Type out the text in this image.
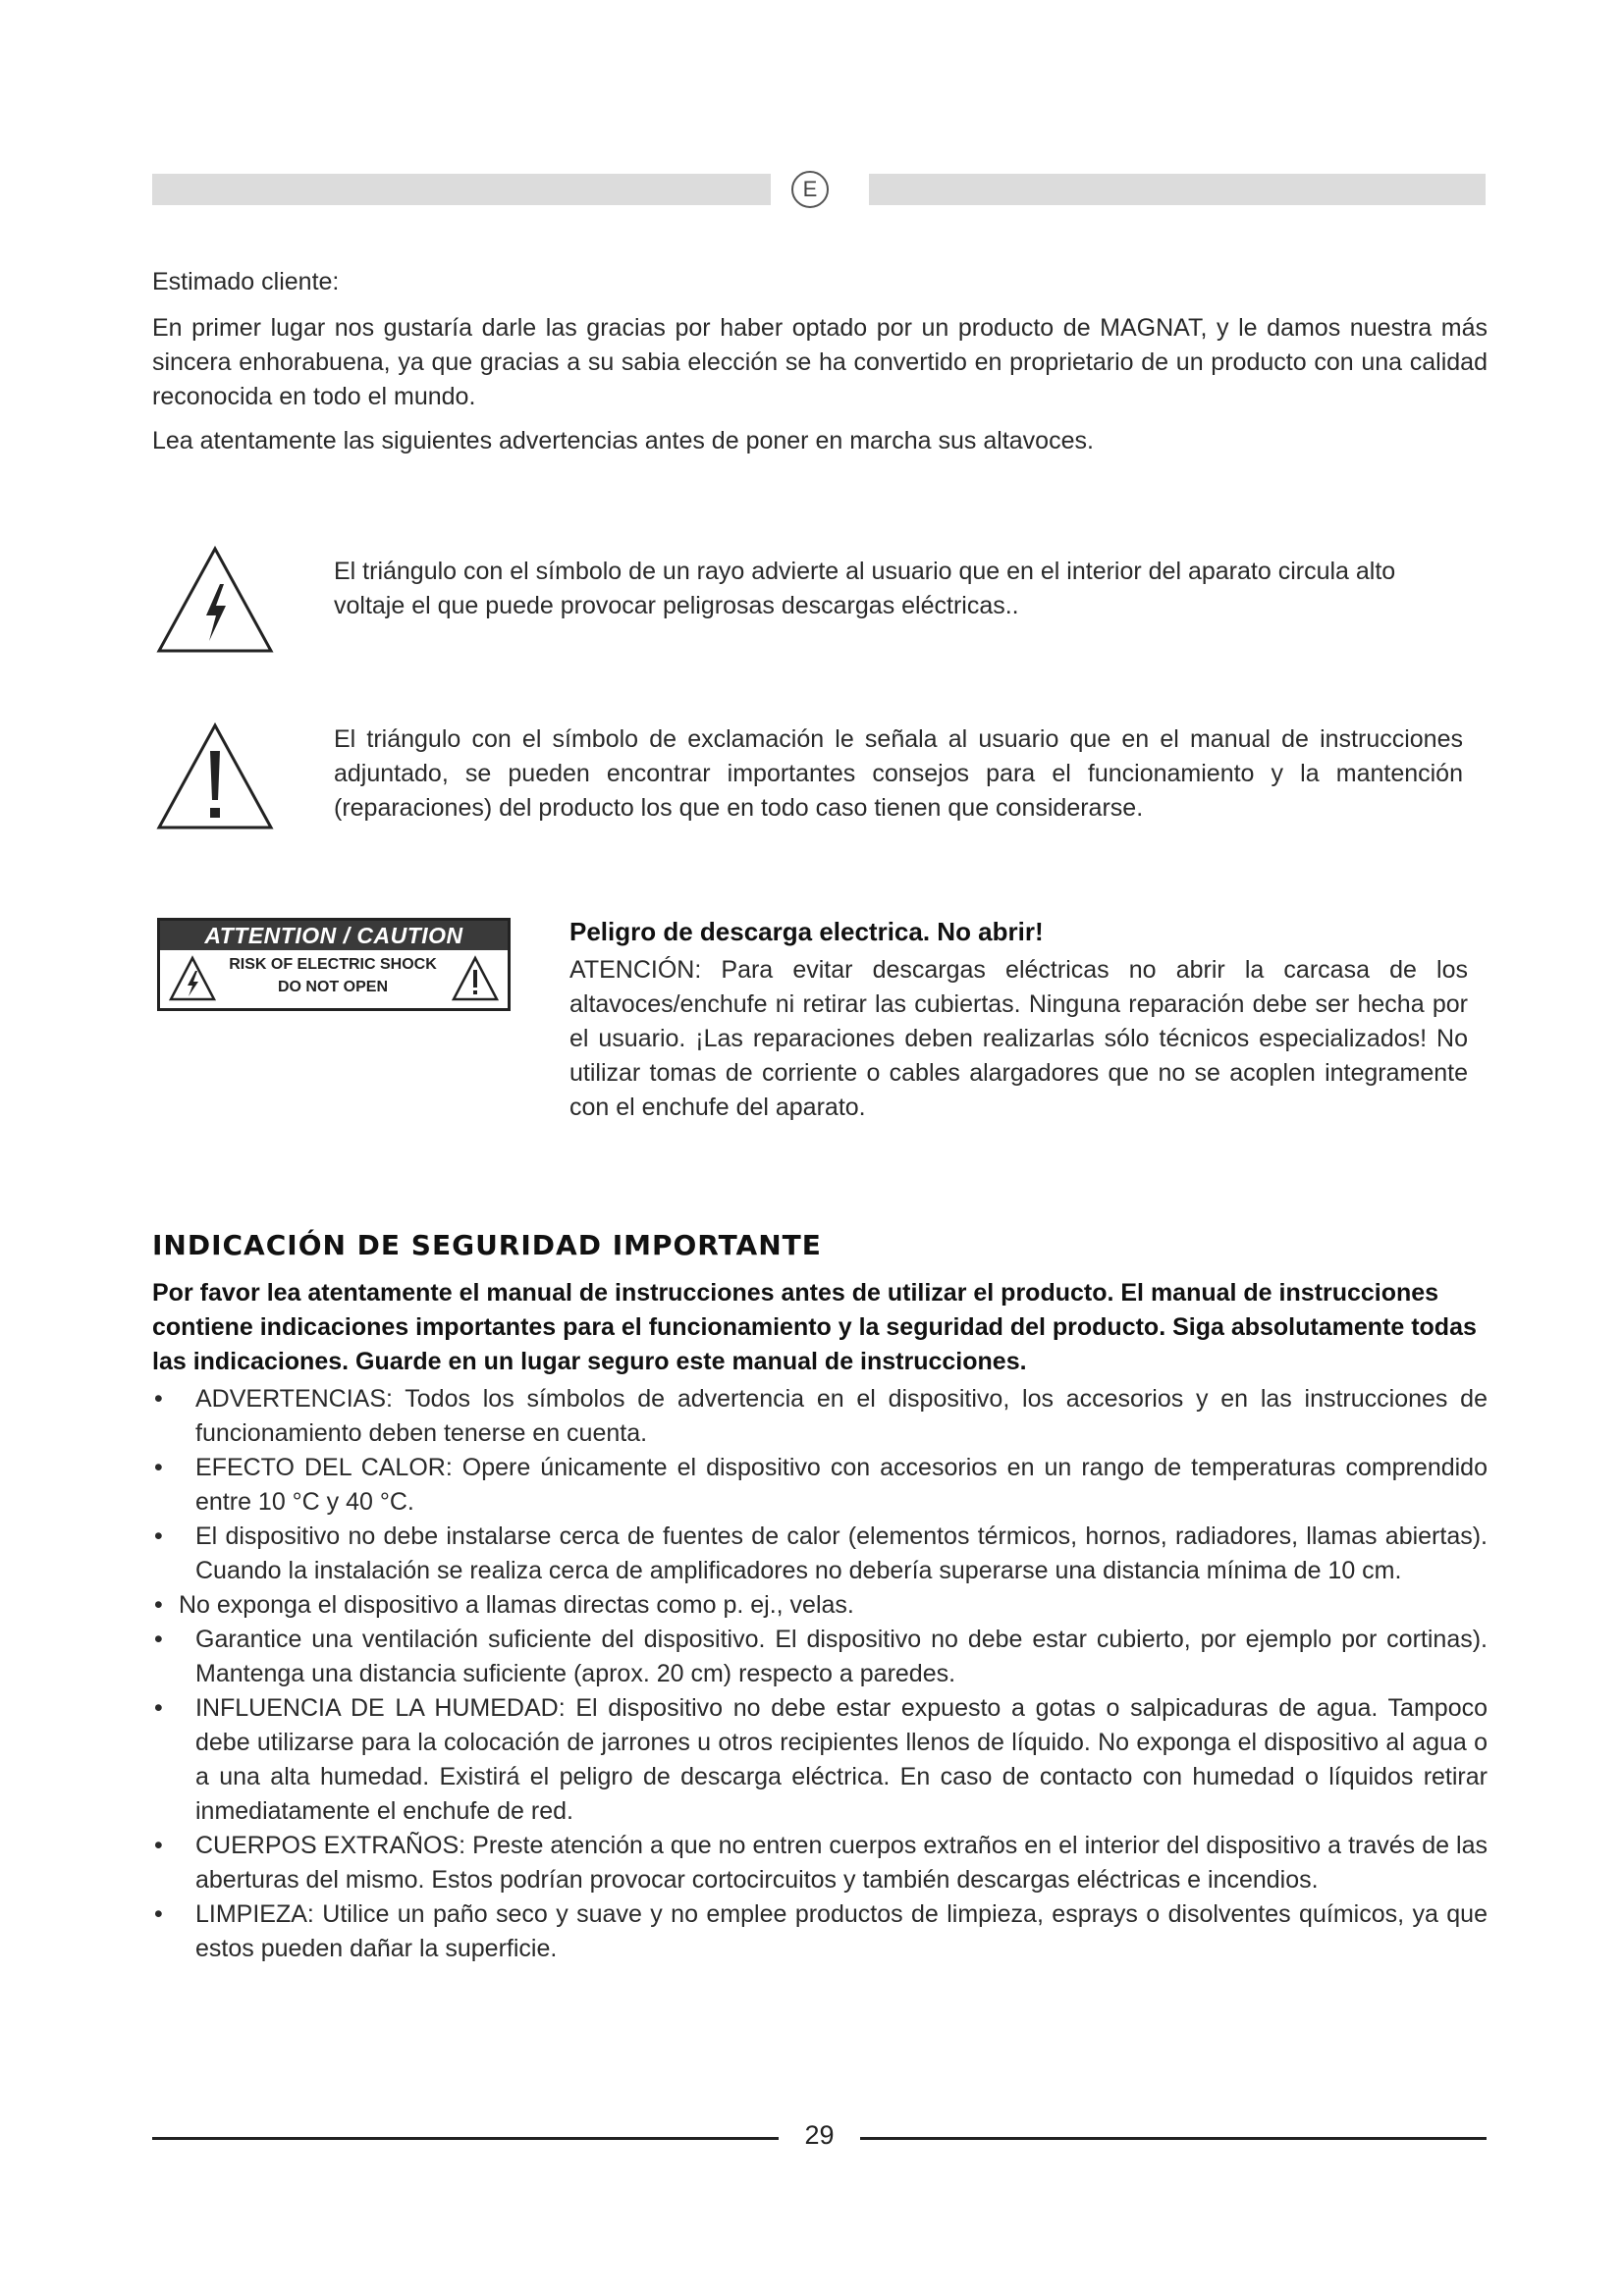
E

Estimado cliente:

En primer lugar nos gustaría darle las gracias por haber optado por un producto de MAGNAT, y le damos nuestra más sincera enhorabuena, ya que gracias a su sabia elección se ha convertido en proprietario de un producto con una calidad reconocida en todo el mundo.

Lea atentamente las siguientes advertencias antes de poner en marcha sus altavoces.

El triángulo con el símbolo de un rayo advierte al usuario que en el interior del aparato circula alto voltaje el que puede provocar peligrosas descargas eléctricas..

El triángulo con el símbolo de exclamación le señala al usuario que en el manual de instrucciones adjuntado, se pueden encontrar importantes consejos para el funcionamiento y la mantención (reparaciones) del producto los que en todo caso tienen que considerarse.

ATTENTION / CAUTION
RISK OF ELECTRIC SHOCK
DO NOT OPEN

Peligro de descarga electrica. No abrir!

ATENCIÓN: Para evitar descargas eléctricas no abrir la carcasa de los altavoces/enchufe ni retirar las cubiertas. Ninguna reparación debe ser hecha por el usuario. ¡Las reparaciones deben realizarlas sólo técnicos especializados! No utilizar tomas de corriente o cables alargadores que no se acoplen integramente con el enchufe del aparato.

INDICACIÓN DE SEGURIDAD IMPORTANTE

Por favor lea atentamente el manual de instrucciones antes de utilizar el producto. El manual de instrucciones contiene indicaciones importantes para el funcionamiento y la seguridad del producto. Siga absolutamente todas las indicaciones. Guarde en un lugar seguro este manual de instrucciones.

• ADVERTENCIAS: Todos los símbolos de advertencia en el dispositivo, los accesorios y en las instrucciones de funcionamiento deben tenerse en cuenta.
• EFECTO DEL CALOR: Opere únicamente el dispositivo con accesorios en un rango de temperaturas comprendido entre 10 °C y 40 °C.
• El dispositivo no debe instalarse cerca de fuentes de calor (elementos térmicos, hornos, radiadores, llamas abiertas). Cuando la instalación se realiza cerca de amplificadores no debería superarse una distancia mínima de 10 cm.
• No exponga el dispositivo a llamas directas como p. ej., velas.
• Garantice una ventilación suficiente del dispositivo. El dispositivo no debe estar cubierto, por ejemplo por cortinas). Mantenga una distancia suficiente (aprox. 20 cm) respecto a paredes.
• INFLUENCIA DE LA HUMEDAD: El dispositivo no debe estar expuesto a gotas o salpicaduras de agua. Tampoco debe utilizarse para la colocación de jarrones u otros recipientes llenos de líquido. No exponga el dispositivo al agua o a una alta humedad. Existirá el peligro de descarga eléctrica. En caso de contacto con humedad o líquidos retirar inmediatamente el enchufe de red.
• CUERPOS EXTRAÑOS: Preste atención a que no entren cuerpos extraños en el interior del dispositivo a través de las aberturas del mismo. Estos podrían provocar cortocircuitos y también descargas eléctricas e incendios.
• LIMPIEZA: Utilice un paño seco y suave y no emplee productos de limpieza, esprays o disolventes químicos, ya que estos pueden dañar la superficie.
29
